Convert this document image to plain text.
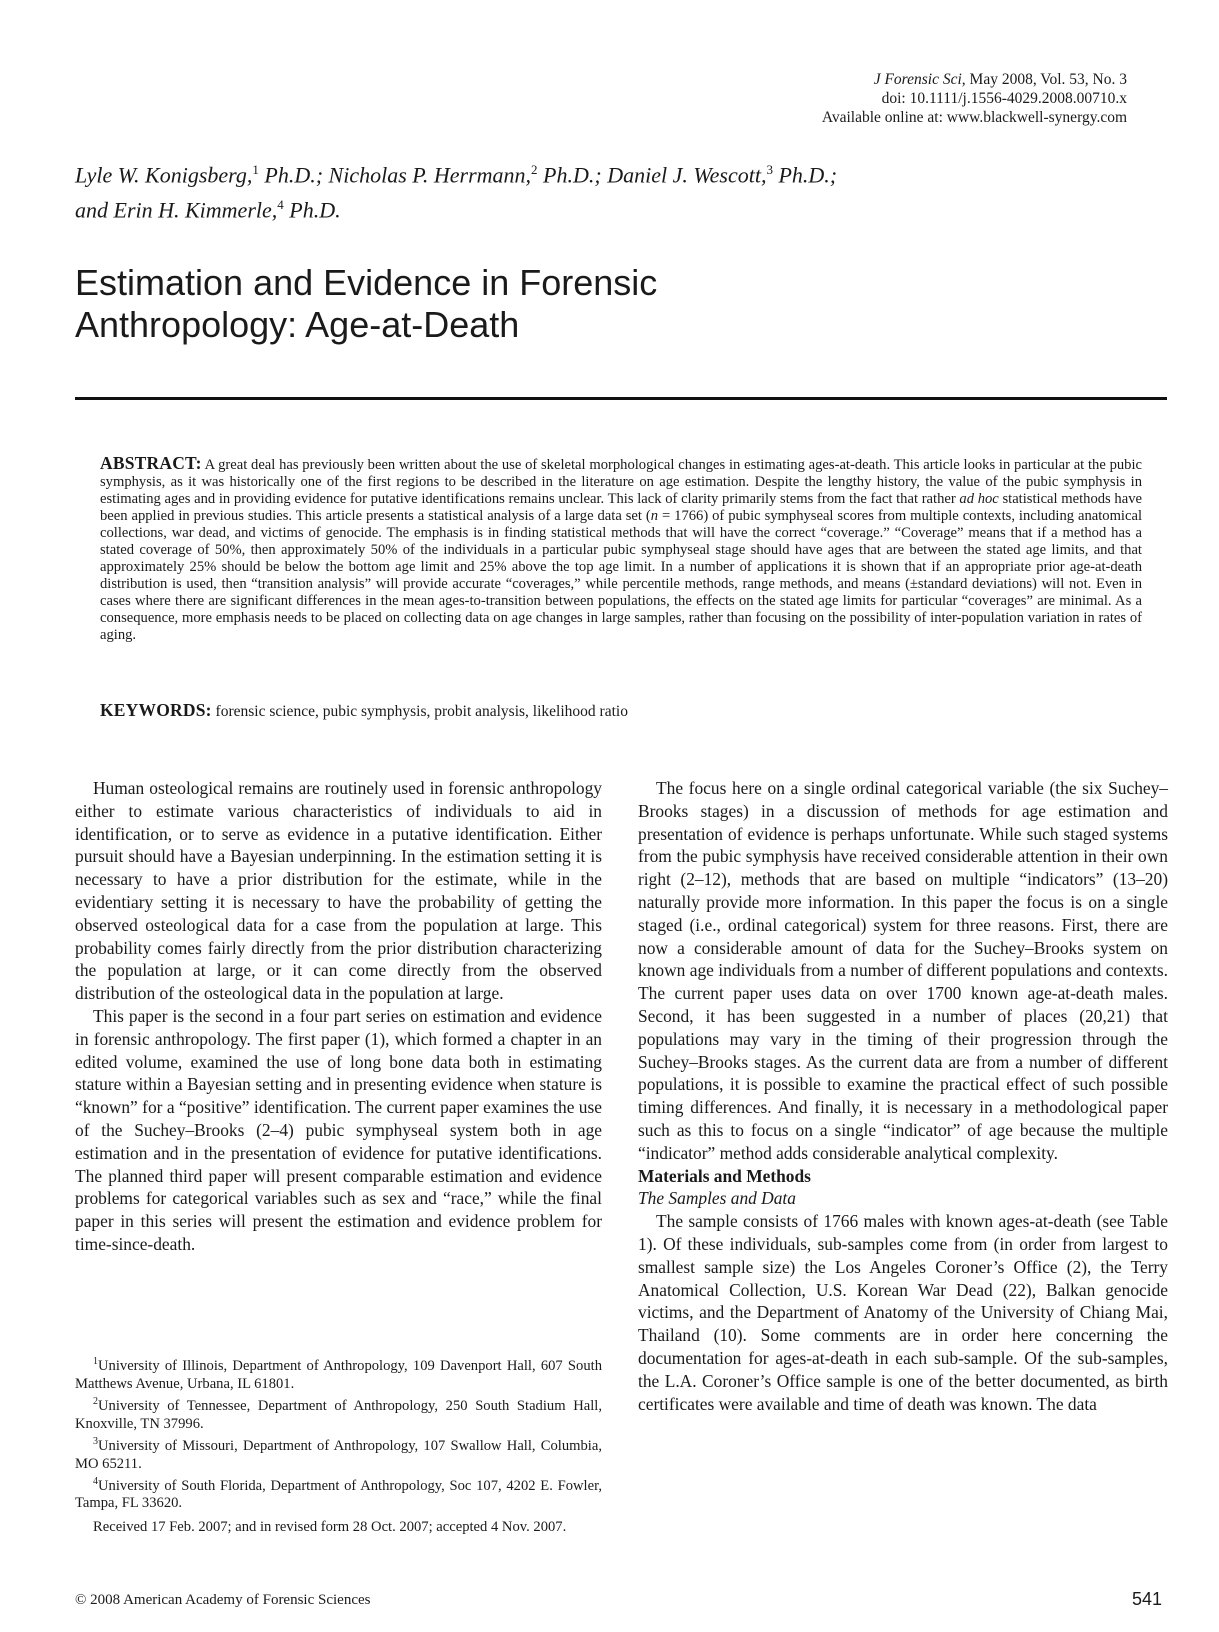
J Forensic Sci, May 2008, Vol. 53, No. 3
doi: 10.1111/j.1556-4029.2008.00710.x
Available online at: www.blackwell-synergy.com
Lyle W. Konigsberg,$^1$ Ph.D.; Nicholas P. Herrmann,$^2$ Ph.D.; Daniel J. Wescott,$^3$ Ph.D.;
and Erin H. Kimmerle,$^4$ Ph.D.
Estimation and Evidence in Forensic
Anthropology: Age-at-Death
ABSTRACT: A great deal has previously been written about the use of skeletal morphological changes in estimating ages-at-death. This article looks in particular at the pubic symphysis, as it was historically one of the first regions to be described in the literature on age estimation. Despite the lengthy history, the value of the pubic symphysis in estimating ages and in providing evidence for putative identifications remains unclear. This lack of clarity primarily stems from the fact that rather ad hoc statistical methods have been applied in previous studies. This article presents a statistical analysis of a large data set (n = 1766) of pubic symphyseal scores from multiple contexts, including anatomical collections, war dead, and victims of genocide. The emphasis is in finding statistical methods that will have the correct “coverage.” “Coverage” means that if a method has a stated coverage of 50%, then approximately 50% of the individuals in a particular pubic symphyseal stage should have ages that are between the stated age limits, and that approximately 25% should be below the bottom age limit and 25% above the top age limit. In a number of applications it is shown that if an appropriate prior age-at-death distribution is used, then “transition analysis” will provide accurate “coverages,” while percentile methods, range methods, and means (±standard deviations) will not. Even in cases where there are significant differences in the mean ages-to-transition between populations, the effects on the stated age limits for particular “coverages” are minimal. As a consequence, more emphasis needs to be placed on collecting data on age changes in large samples, rather than focusing on the possibility of inter-population variation in rates of aging.
KEYWORDS: forensic science, pubic symphysis, probit analysis, likelihood ratio

Human osteological remains are routinely used in forensic anthropology either to estimate various characteristics of individuals to aid in identification, or to serve as evidence in a putative identification. Either pursuit should have a Bayesian underpinning. In the estimation setting it is necessary to have a prior distribution for the estimate, while in the evidentiary setting it is necessary to have the probability of getting the observed osteological data for a case from the population at large. This probability comes fairly directly from the prior distribution characterizing the population at large, or it can come directly from the observed distribution of the osteological data in the population at large.

This paper is the second in a four part series on estimation and evidence in forensic anthropology. The first paper (1), which formed a chapter in an edited volume, examined the use of long bone data both in estimating stature within a Bayesian setting and in presenting evidence when stature is “known” for a “positive” identification. The current paper examines the use of the Suchey–Brooks (2–4) pubic symphyseal system both in age estimation and in the presentation of evidence for putative identifications. The planned third paper will present comparable estimation and evidence problems for categorical variables such as sex and “race,” while the final paper in this series will present the estimation and evidence problem for time-since-death.

$^1$University of Illinois, Department of Anthropology, 109 Davenport Hall, 607 South Matthews Avenue, Urbana, IL 61801.

$^2$University of Tennessee, Department of Anthropology, 250 South Stadium Hall, Knoxville, TN 37996.

$^3$University of Missouri, Department of Anthropology, 107 Swallow Hall, Columbia, MO 65211.

$^4$University of South Florida, Department of Anthropology, Soc 107, 4202 E. Fowler, Tampa, FL 33620.

Received 17 Feb. 2007; and in revised form 28 Oct. 2007; accepted 4 Nov. 2007.

The focus here on a single ordinal categorical variable (the six Suchey–Brooks stages) in a discussion of methods for age estimation and presentation of evidence is perhaps unfortunate. While such staged systems from the pubic symphysis have received considerable attention in their own right (2–12), methods that are based on multiple “indicators” (13–20) naturally provide more information. In this paper the focus is on a single staged (i.e., ordinal categorical) system for three reasons. First, there are now a considerable amount of data for the Suchey–Brooks system on known age individuals from a number of different populations and contexts. The current paper uses data on over 1700 known age-at-death males. Second, it has been suggested in a number of places (20,21) that populations may vary in the timing of their progression through the Suchey–Brooks stages. As the current data are from a number of different populations, it is possible to examine the practical effect of such possible timing differences. And finally, it is necessary in a methodological paper such as this to focus on a single “indicator” of age because the multiple “indicator” method adds considerable analytical complexity.

Materials and Methods

The Samples and Data

The sample consists of 1766 males with known ages-at-death (see Table 1). Of these individuals, sub-samples come from (in order from largest to smallest sample size) the Los Angeles Coroner’s Office (2), the Terry Anatomical Collection, U.S. Korean War Dead (22), Balkan genocide victims, and the Department of Anatomy of the University of Chiang Mai, Thailand (10). Some comments are in order here concerning the documentation for ages-at-death in each sub-sample. Of the sub-samples, the L.A. Coroner’s Office sample is one of the better documented, as birth certificates were available and time of death was known. The data

© 2008 American Academy of Forensic Sciences	541
